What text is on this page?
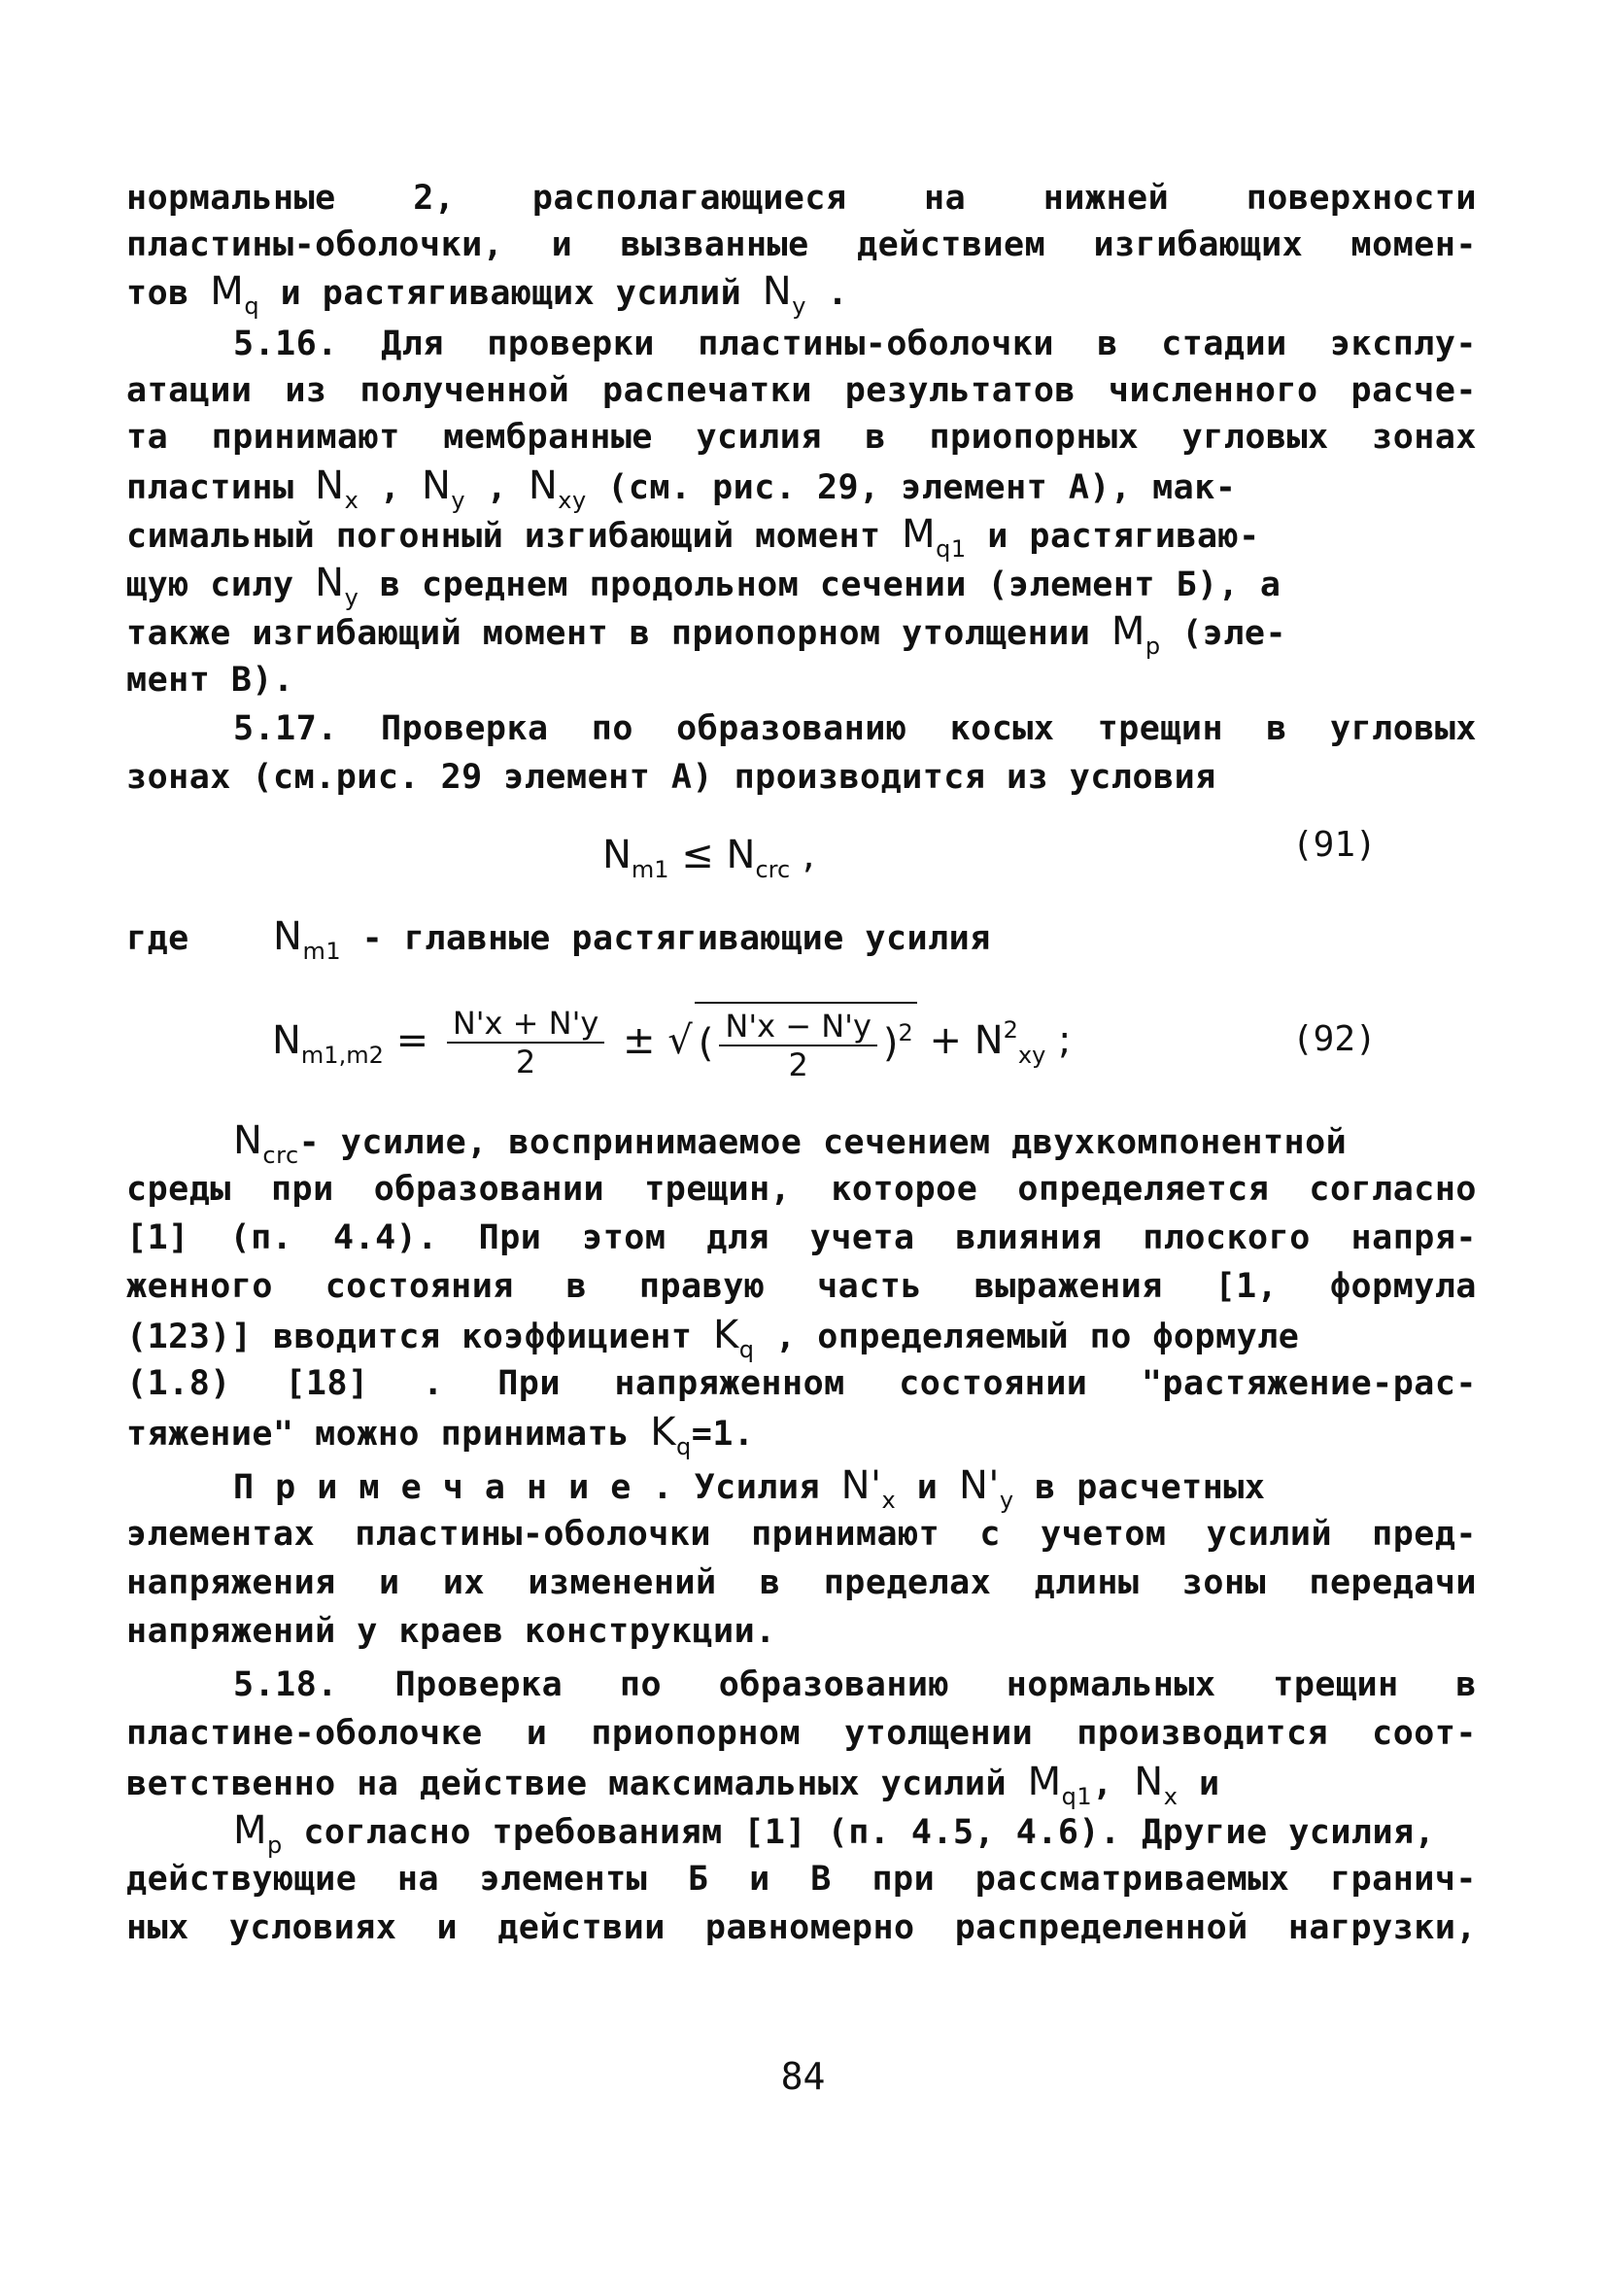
нормальные 2, располагающиеся на нижней поверхности
пластины-оболочки, и вызванные действием изгибающих момен-
тов $M_q$ и растягивающих усилий $N_y$ .
5.16. Для проверки пластины-оболочки в стадии эксплу-
атации из полученной распечатки результатов численного расче-
та принимают мембранные усилия в приопорных угловых зонах
пластины $N_x$ , $N_y$ , $N_{xy}$ (см. рис. 29, элемент А), мак-
симальный погонный изгибающий момент $M_{q1}$ и растягиваю-
щую силу $N_y$ в среднем продольном сечении (элемент Б), а
также изгибающий момент в приопорном утолщении $M_p$ (эле-
мент В).
5.17. Проверка по образованию косых трещин в угловых
зонах (см.рис. 29 элемент А) производится из условия
$N_{m1} \le N_{crc}$ ,	(91)
где $N_{m1}$ - главные растягивающие усилия
$N_{m1,m2} = \frac{N'x + N'y}{2}$ ± √ ( $\frac{N'x - N'y}{2} )^2 + N^2_{xy}$ ;	(92)
$N_{crc}-$ усилие, воспринимаемое сечением двухкомпонентной
среды при образовании трещин, которое определяется согласно
[1] (п. 4.4). При этом для учета влияния плоского напря-
женного состояния в правую часть выражения [1, формула
(123)] вводится коэффициент $K_q$ , определяемый по формуле
(1.8) [18] . При напряженном состоянии "растяжение-рас-
тяжение" можно принимать $K_q=1$.
П р и м е ч а н и е . Усилия $N'_x$ и $N'_y$ в расчетных
элементах пластины-оболочки принимают с учетом усилий пред-
напряжения и их изменений в пределах длины зоны передачи
напряжений у краев конструкции.
5.18. Проверка по образованию нормальных трещин в
пластине-оболочке и приопорном утолщении производится соот-
ветственно на действие максимальных усилий $M_{q1}$, $N_x$ и
$M_p$ согласно требованиям [1] (п. 4.5, 4.6). Другие усилия,
действующие на элементы Б и В при рассматриваемых гранич-
ных условиях и действии равномерно распределенной нагрузки,
84
